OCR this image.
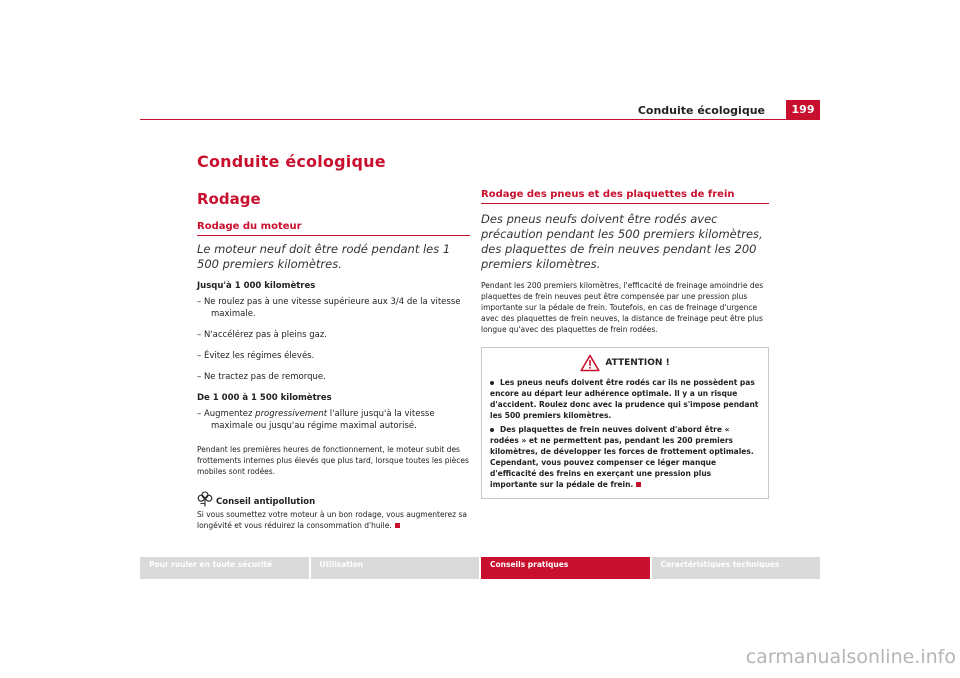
Conduite écologique	199
Conduite écologique
Rodage
Rodage du moteur
Le moteur neuf doit être rodé pendant les 1 500 premiers kilomètres.
Jusqu'à 1 000 kilomètres
– Ne roulez pas à une vitesse supérieure aux 3/4 de la vitesse maximale.
– N'accélérez pas à pleins gaz.
– Évitez les régimes élevés.
– Ne tractez pas de remorque.
De 1 000 à 1 500 kilomètres
– Augmentez progressivement l'allure jusqu'à la vitesse maximale ou jusqu'au régime maximal autorisé.

Pendant les premières heures de fonctionnement, le moteur subit des frottements internes plus élevés que plus tard, lorsque toutes les pièces mobiles sont rodées.

Conseil antipollution

Si vous soumettez votre moteur à un bon rodage, vous augmenterez sa longévité et vous réduirez la consommation d'huile.

Rodage des pneus et des plaquettes de frein
Des pneus neufs doivent être rodés avec précaution pendant les 500 premiers kilomètres, des plaquettes de frein neuves pendant les 200 premiers kilomètres.

Pendant les 200 premiers kilomètres, l'efficacité de freinage amoindrie des plaquettes de frein neuves peut être compensée par une pression plus importante sur la pédale de frein. Toutefois, en cas de freinage d'urgence avec des plaquettes de frein neuves, la distance de freinage peut être plus longue qu'avec des plaquettes de frein rodées.

ATTENTION !

Les pneus neufs doivent être rodés car ils ne possèdent pas encore au départ leur adhérence optimale. Il y a un risque d'accident. Roulez donc avec la prudence qui s'impose pendant les 500 premiers kilomètres.

Des plaquettes de frein neuves doivent d'abord être « rodées » et ne permettent pas, pendant les 200 premiers kilomètres, de développer les forces de frottement optimales. Cependant, vous pouvez compenser ce léger manque d'efficacité des freins en exerçant une pression plus importante sur la pédale de frein.

Pour rouler en toute sécurité	Utilisation	Conseils pratiques	Caractéristiques techniques
carmanualsonline.info
